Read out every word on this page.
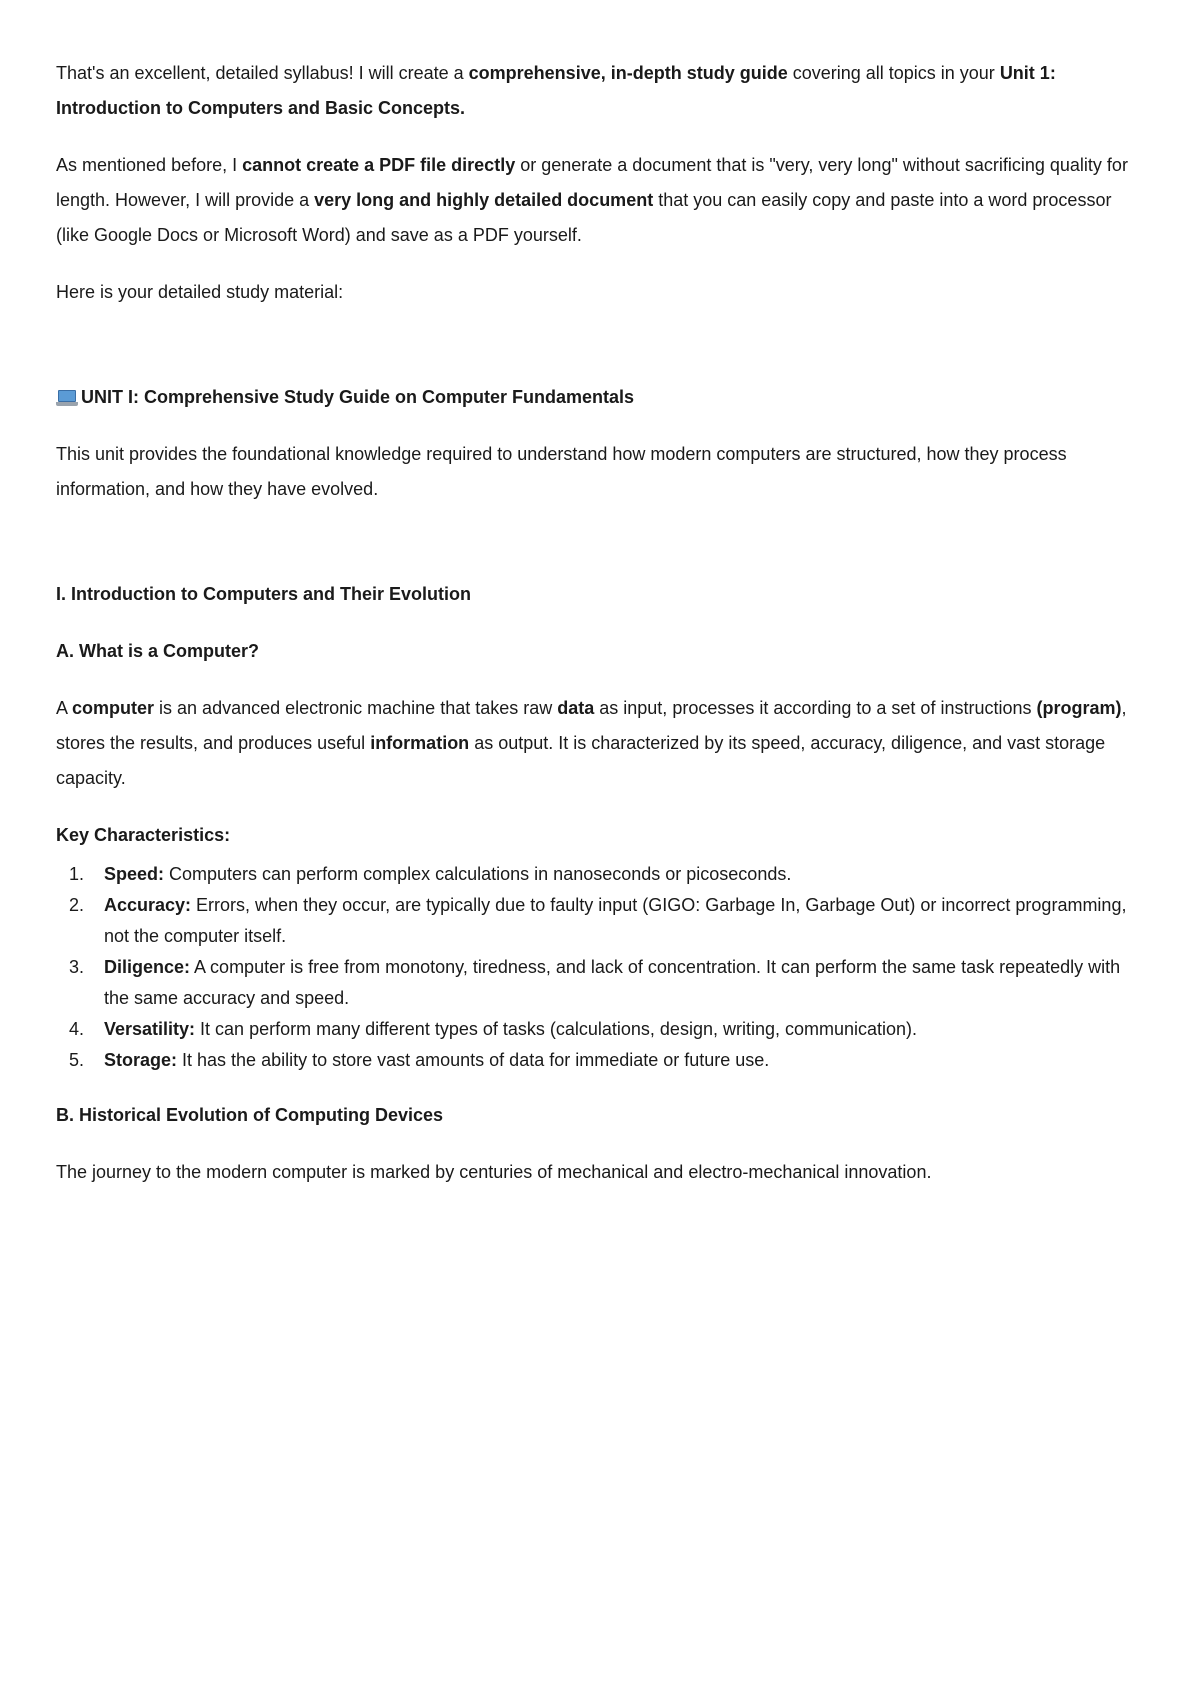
That's an excellent, detailed syllabus! I will create a comprehensive, in-depth study guide covering all topics in your Unit 1: Introduction to Computers and Basic Concepts.

As mentioned before, I cannot create a PDF file directly or generate a document that is "very, very long" without sacrificing quality for length. However, I will provide a very long and highly detailed document that you can easily copy and paste into a word processor (like Google Docs or Microsoft Word) and save as a PDF yourself.

Here is your detailed study material:

UNIT I: Comprehensive Study Guide on Computer Fundamentals

This unit provides the foundational knowledge required to understand how modern computers are structured, how they process information, and how they have evolved.

I. Introduction to Computers and Their Evolution

A. What is a Computer?

A computer is an advanced electronic machine that takes raw data as input, processes it according to a set of instructions (program), stores the results, and produces useful information as output. It is characterized by its speed, accuracy, diligence, and vast storage capacity.

Key Characteristics:

1. Speed: Computers can perform complex calculations in nanoseconds or picoseconds.
2. Accuracy: Errors, when they occur, are typically due to faulty input (GIGO: Garbage In, Garbage Out) or incorrect programming, not the computer itself.
3. Diligence: A computer is free from monotony, tiredness, and lack of concentration. It can perform the same task repeatedly with the same accuracy and speed.
4. Versatility: It can perform many different types of tasks (calculations, design, writing, communication).
5. Storage: It has the ability to store vast amounts of data for immediate or future use.

B. Historical Evolution of Computing Devices

The journey to the modern computer is marked by centuries of mechanical and electro-mechanical innovation.
